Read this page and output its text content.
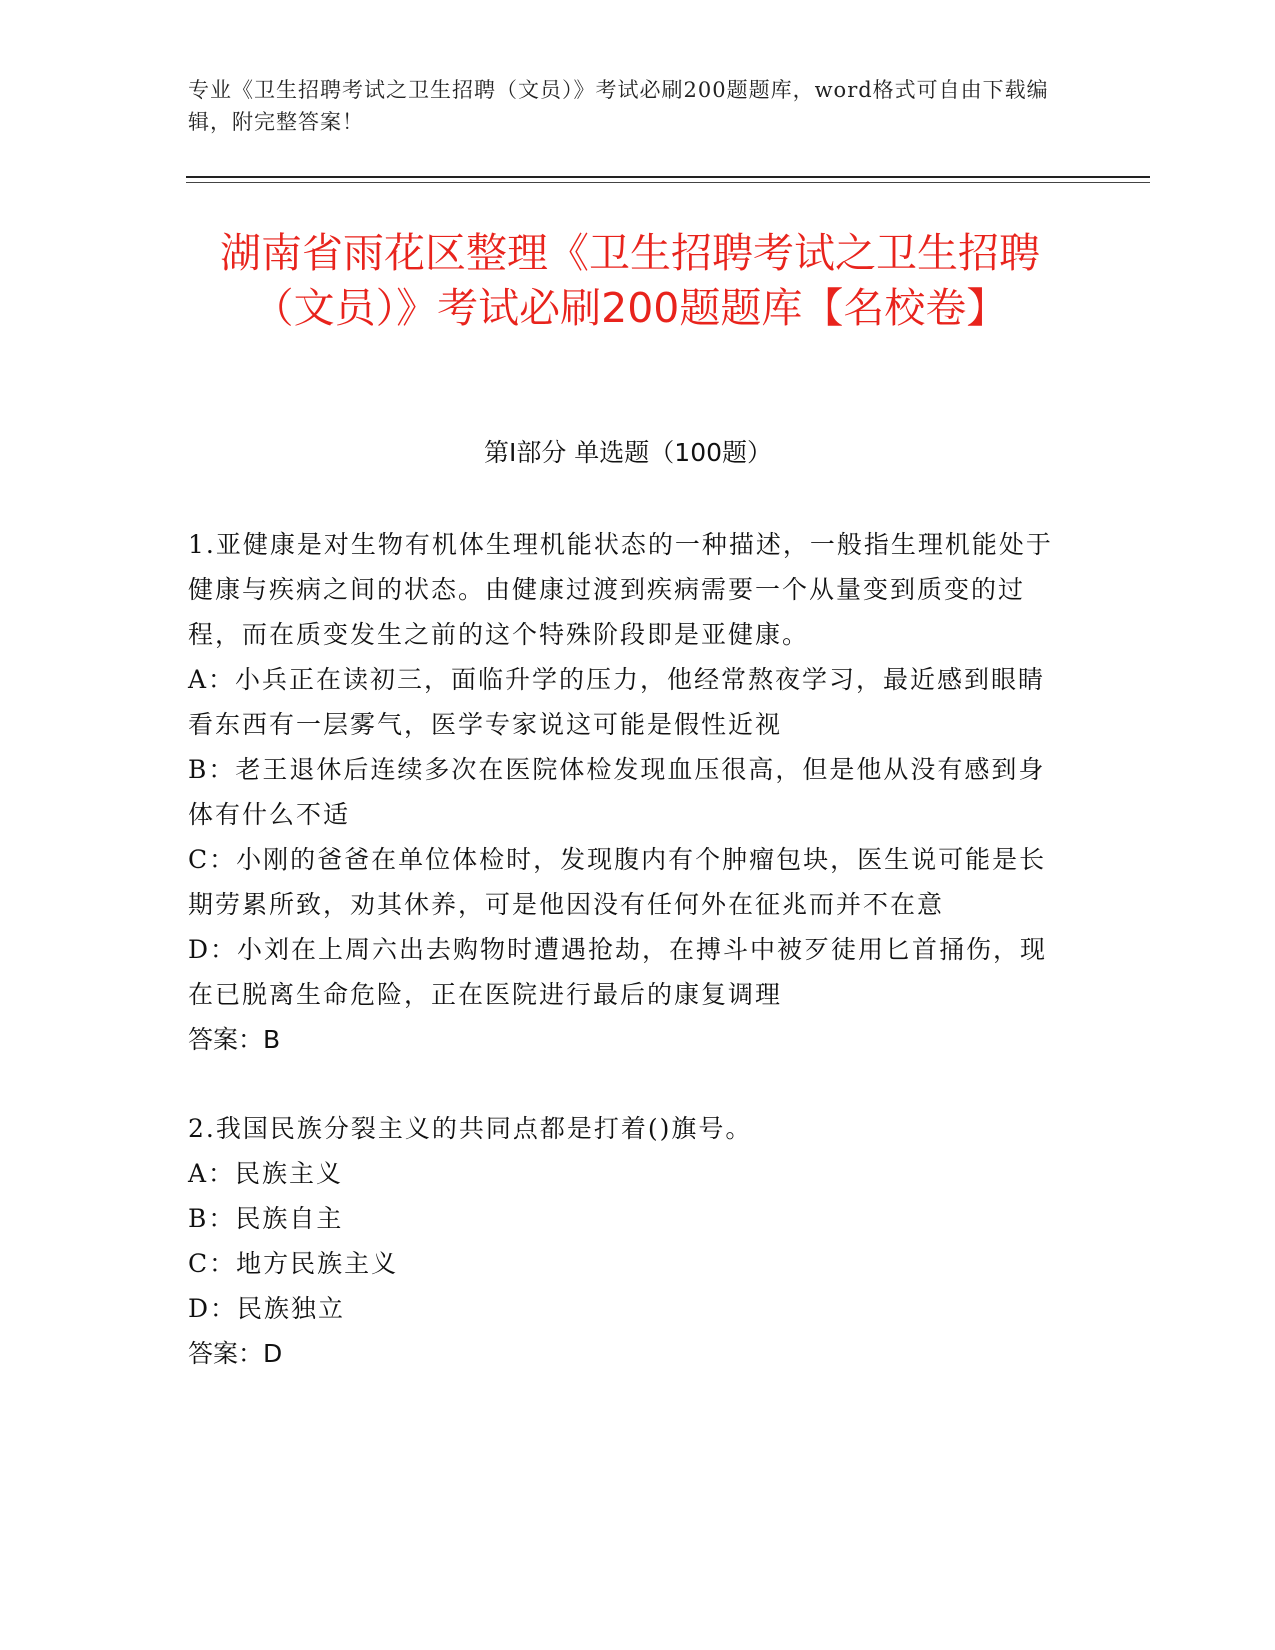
专业《卫生招聘考试之卫生招聘（文员）》考试必刷200题题库，word格式可自由下载编辑，附完整答案！
湖南省雨花区整理《卫生招聘考试之卫生招聘（文员）》考试必刷200题题库【名校卷】
第I部分 单选题（100题）

1.亚健康是对生物有机体生理机能状态的一种描述，一般指生理机能处于健康与疾病之间的状态。由健康过渡到疾病需要一个从量变到质变的过程，而在质变发生之前的这个特殊阶段即是亚健康。

A：小兵正在读初三，面临升学的压力，他经常熬夜学习，最近感到眼睛看东西有一层雾气，医学专家说这可能是假性近视

B：老王退休后连续多次在医院体检发现血压很高，但是他从没有感到身体有什么不适

C：小刚的爸爸在单位体检时，发现腹内有个肿瘤包块，医生说可能是长期劳累所致，劝其休养，可是他因没有任何外在征兆而并不在意

D：小刘在上周六出去购物时遭遇抢劫，在搏斗中被歹徒用匕首捅伤，现在已脱离生命危险，正在医院进行最后的康复调理

答案：B

2.我国民族分裂主义的共同点都是打着()旗号。

A：民族主义

B：民族自主

C：地方民族主义

D：民族独立

答案：D
